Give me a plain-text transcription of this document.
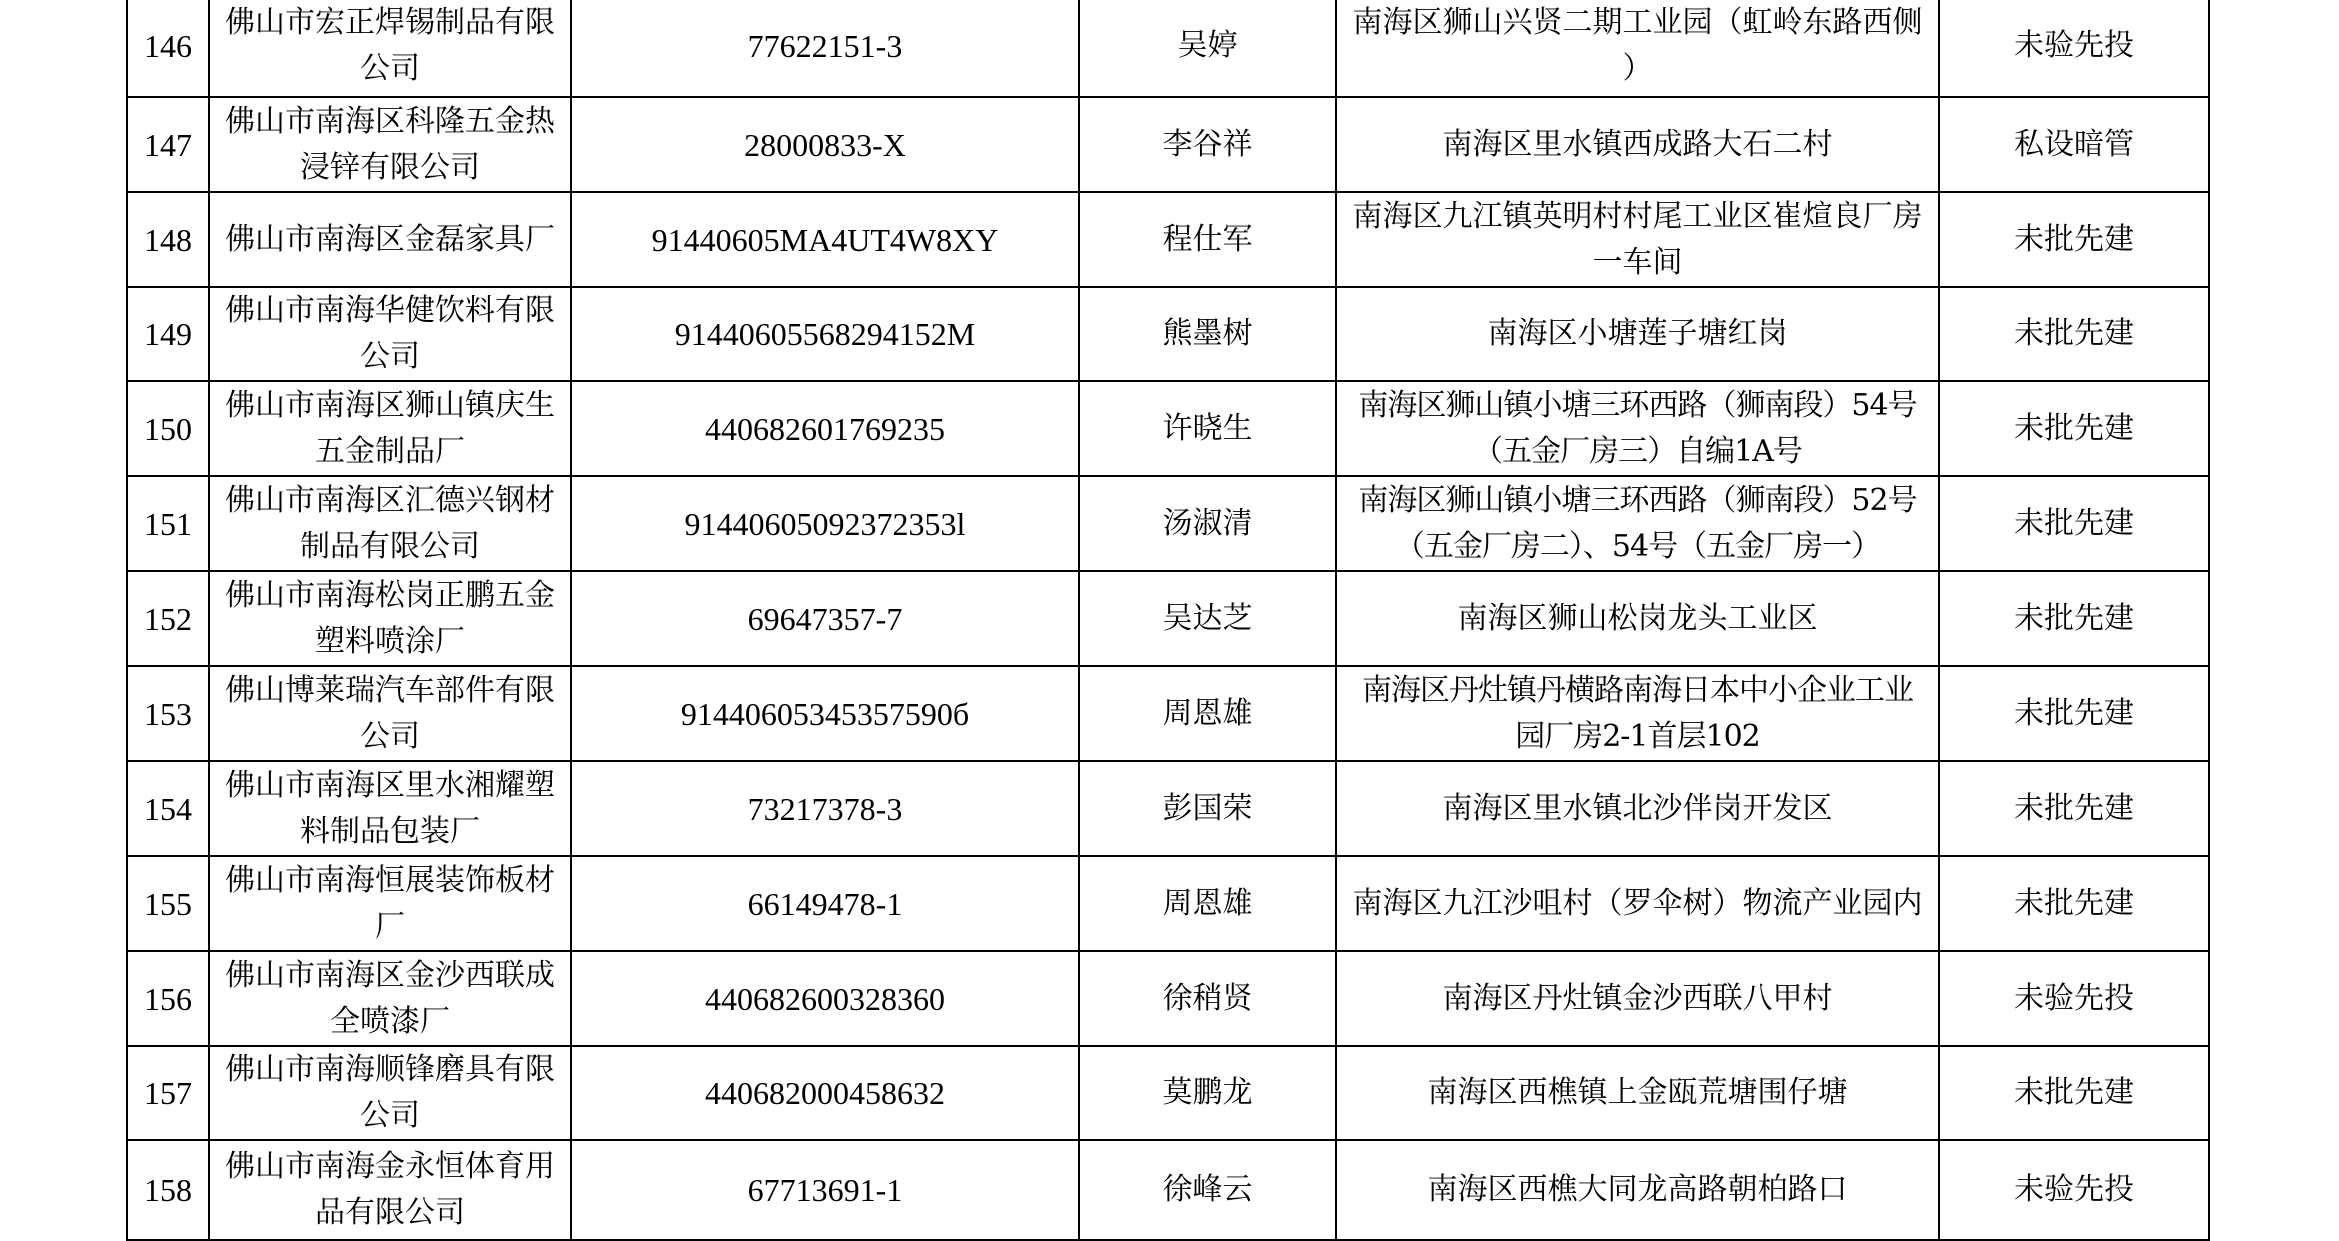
146	佛山市宏正焊锡制品有限公司	77622151-3	吴婷	南海区狮山兴贤二期工业园（虹岭东路西侧）	未验先投
147	佛山市南海区科隆五金热浸锌有限公司	28000833-X	李谷祥	南海区里水镇西成路大石二村	私设暗管
148	佛山市南海区金磊家具厂	91440605MA4UT4W8XY	程仕军	南海区九江镇英明村村尾工业区崔煊良厂房一车间	未批先建
149	佛山市南海华健饮料有限公司	91440605568294152M	熊墨树	南海区小塘莲子塘红岗	未批先建
150	佛山市南海区狮山镇庆生五金制品厂	440682601769235	许晓生	南海区狮山镇小塘三环西路（狮南段）54号（五金厂房三）自编1A号	未批先建
151	佛山市南海区汇德兴钢材制品有限公司	91440605092372353l	汤淑清	南海区狮山镇小塘三环西路（狮南段）52号（五金厂房二）、54号（五金厂房一）	未批先建
152	佛山市南海松岗正鹏五金塑料喷涂厂	69647357-7	吴达芝	南海区狮山松岗龙头工业区	未批先建
153	佛山博莱瑞汽车部件有限公司	91440605345357590б	周恩雄	南海区丹灶镇丹横路南海日本中小企业工业园厂房2-1首层102	未批先建
154	佛山市南海区里水湘耀塑料制品包装厂	73217378-3	彭国荣	南海区里水镇北沙伴岗开发区	未批先建
155	佛山市南海恒展装饰板材厂	66149478-1	周恩雄	南海区九江沙咀村（罗伞树）物流产业园内	未批先建
156	佛山市南海区金沙西联成全喷漆厂	440682600328360	徐稍贤	南海区丹灶镇金沙西联八甲村	未验先投
157	佛山市南海顺锋磨具有限公司	440682000458632	莫鹏龙	南海区西樵镇上金瓯荒塘围仔塘	未批先建
158	佛山市南海金永恒体育用品有限公司	67713691-1	徐峰云	南海区西樵大同龙高路朝柏路口	未验先投
